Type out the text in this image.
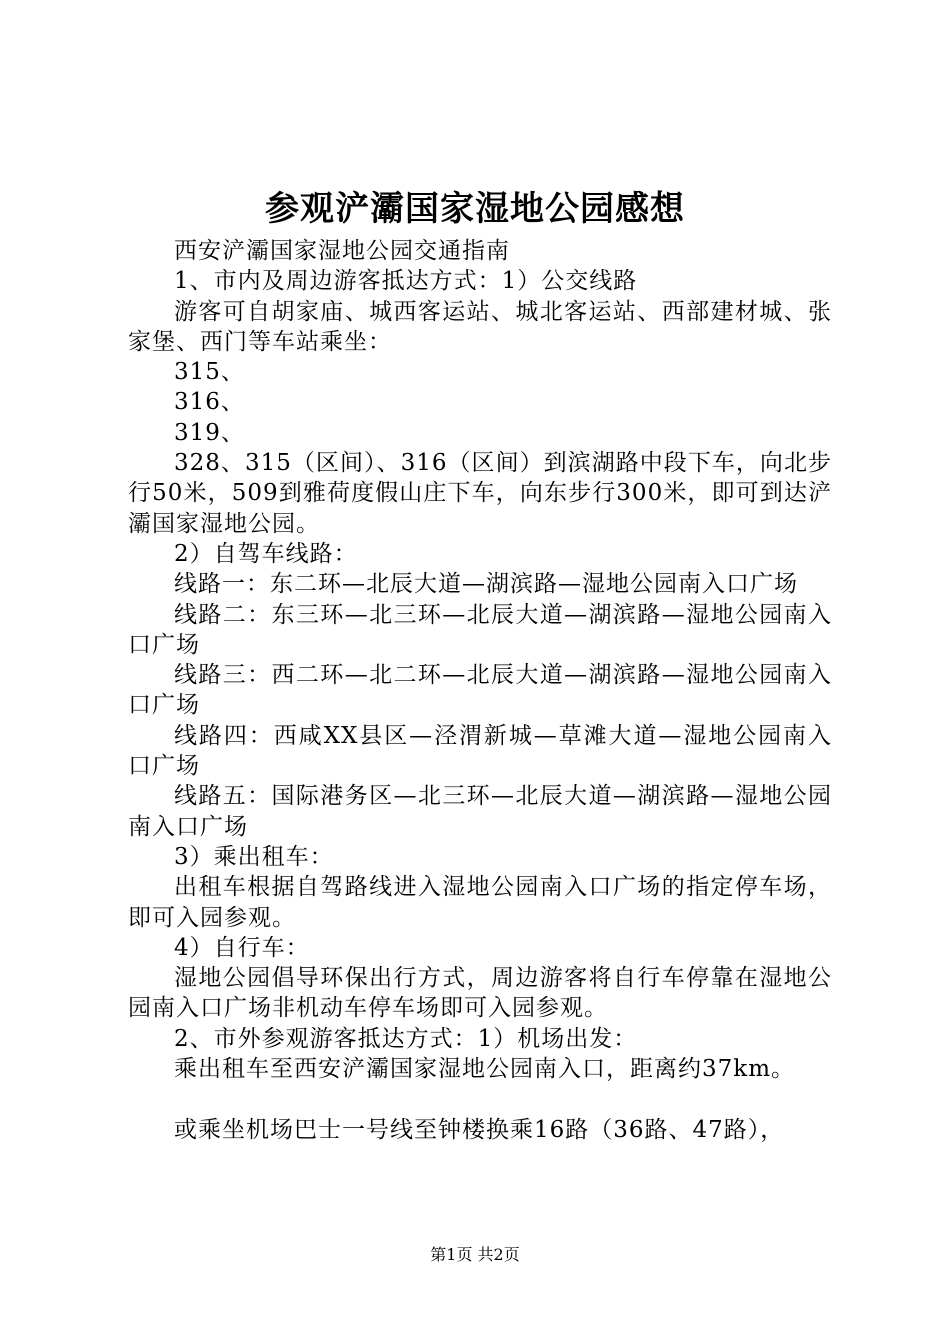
参观浐灞国家湿地公园感想

西安浐灞国家湿地公园交通指南

1、市内及周边游客抵达方式：1）公交线路

游客可自胡家庙、城西客运站、城北客运站、西部建材城、张家堡、西门等车站乘坐：

315、

316、

319、

328、315（区间）、316（区间）到滨湖路中段下车，向北步行50米，509到雅荷度假山庄下车，向东步行300米，即可到达浐灞国家湿地公园。

2）自驾车线路：

线路一：东二环—北辰大道—湖滨路—湿地公园南入口广场

线路二：东三环—北三环—北辰大道—湖滨路—湿地公园南入口广场

线路三：西二环—北二环—北辰大道—湖滨路—湿地公园南入口广场

线路四：西咸XX县区—泾渭新城—草滩大道—湿地公园南入口广场

线路五：国际港务区—北三环—北辰大道—湖滨路—湿地公园南入口广场

3）乘出租车：

出租车根据自驾路线进入湿地公园南入口广场的指定停车场，即可入园参观。

4）自行车：

湿地公园倡导环保出行方式，周边游客将自行车停靠在湿地公园南入口广场非机动车停车场即可入园参观。

2、市外参观游客抵达方式：1）机场出发：

乘出租车至西安浐灞国家湿地公园南入口，距离约37km。

或乘坐机场巴士一号线至钟楼换乘16路（36路、47路），

第1页 共2页
